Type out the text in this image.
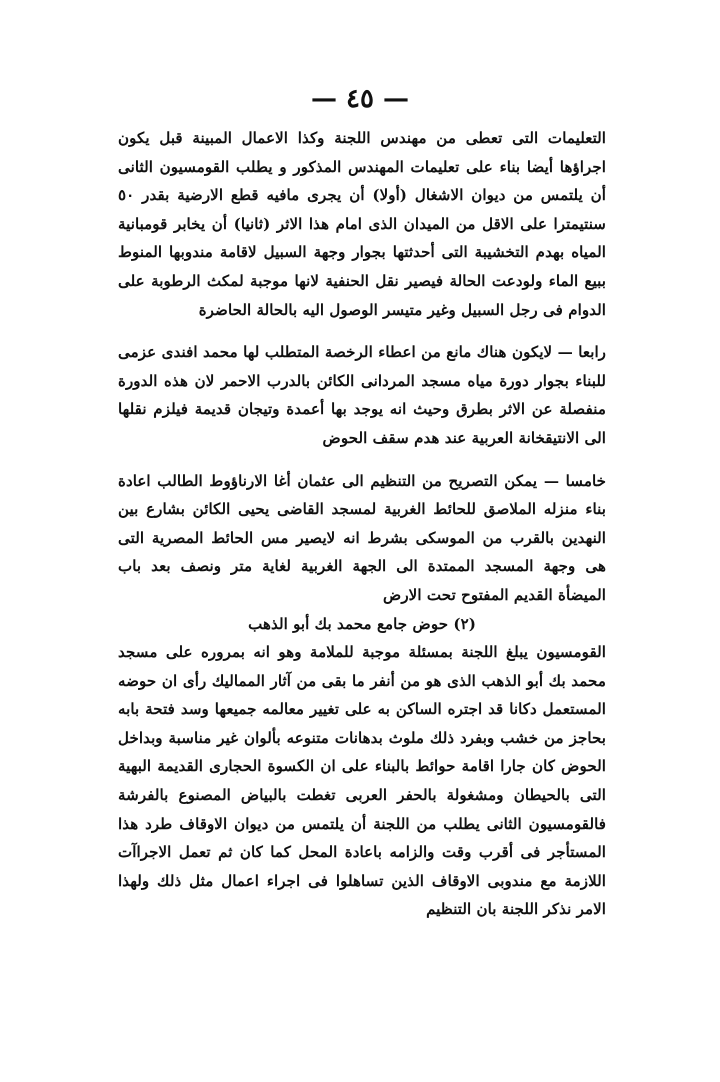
— ٤٥ —

التعليمات التى تعطى من مهندس اللجنة وكذا الاعمال المبينة قبل يكون اجراؤها أيضا بناء على تعليمات المهندس المذكور و يطلب القومسيون الثانى أن يلتمس من ديوان الاشغال (أولا) أن يجرى مافيه قطع الارضية بقدر ٥٠ سنتيمترا على الاقل من الميدان الذى امام هذا الاثر (ثانيا) أن يخابر قومبانية المياه بهدم التخشيبة التى أحدثتها بجوار وجهة السبيل لاقامة مندوبها المنوط ببيع الماء ولودعت الحالة فيصير نقل الحنفية لانها موجبة لمكث الرطوبة على الدوام فى رجل السبيل وغير متيسر الوصول اليه بالحالة الحاضرة

رابعا — لايكون هناك مانع من اعطاء الرخصة المتطلب لها محمد افندى عزمى للبناء بجوار دورة مياه مسجد المردانى الكائن بالدرب الاحمر لان هذه الدورة منفصلة عن الاثر بطرق وحيث انه يوجد بها أعمدة وتيجان قديمة فيلزم نقلها الى الانتيقخانة العربية عند هدم سقف الحوض

خامسا — يمكن التصريح من التنظيم الى عثمان أغا الارناؤوط الطالب اعادة بناء منزله الملاصق للحائط الغربية لمسجد القاضى يحيى الكائن بشارع بين النهدين بالقرب من الموسكى بشرط انه لايصير مس الحائط المصرية التى هى وجهة المسجد الممتدة الى الجهة الغربية لغاية متر ونصف بعد باب الميضأة القديم المفتوح تحت الارض

(٢) حوض جامع محمد بك أبو الذهب

القومسيون يبلغ اللجنة بمسئلة موجبة للملامة وهو انه بمروره على مسجد محمد بك أبو الذهب الذى هو من أنفر ما بقى من آثار المماليك رأى ان حوضه المستعمل دكانا قد اجتره الساكن به على تغيير معالمه جميعها وسد فتحة بابه بحاجز من خشب وبفرد ذلك ملوث بدهانات متنوعه بألوان غير مناسبة وبداخل الحوض كان جارا اقامة حوائط بالبناء على ان الكسوة الحجارى القديمة البهية التى بالحيطان ومشغولة بالحفر العربى تغطت بالبياض المصنوع بالفرشة فالقومسيون الثانى يطلب من اللجنة أن يلتمس من ديوان الاوقاف طرد هذا المستأجر فى أقرب وقت والزامه باعادة المحل كما كان ثم تعمل الاجراآت اللازمة مع مندوبى الاوقاف الذين تساهلوا فى اجراء اعمال مثل ذلك ولهذا الامر نذكر اللجنة بان التنظيم
